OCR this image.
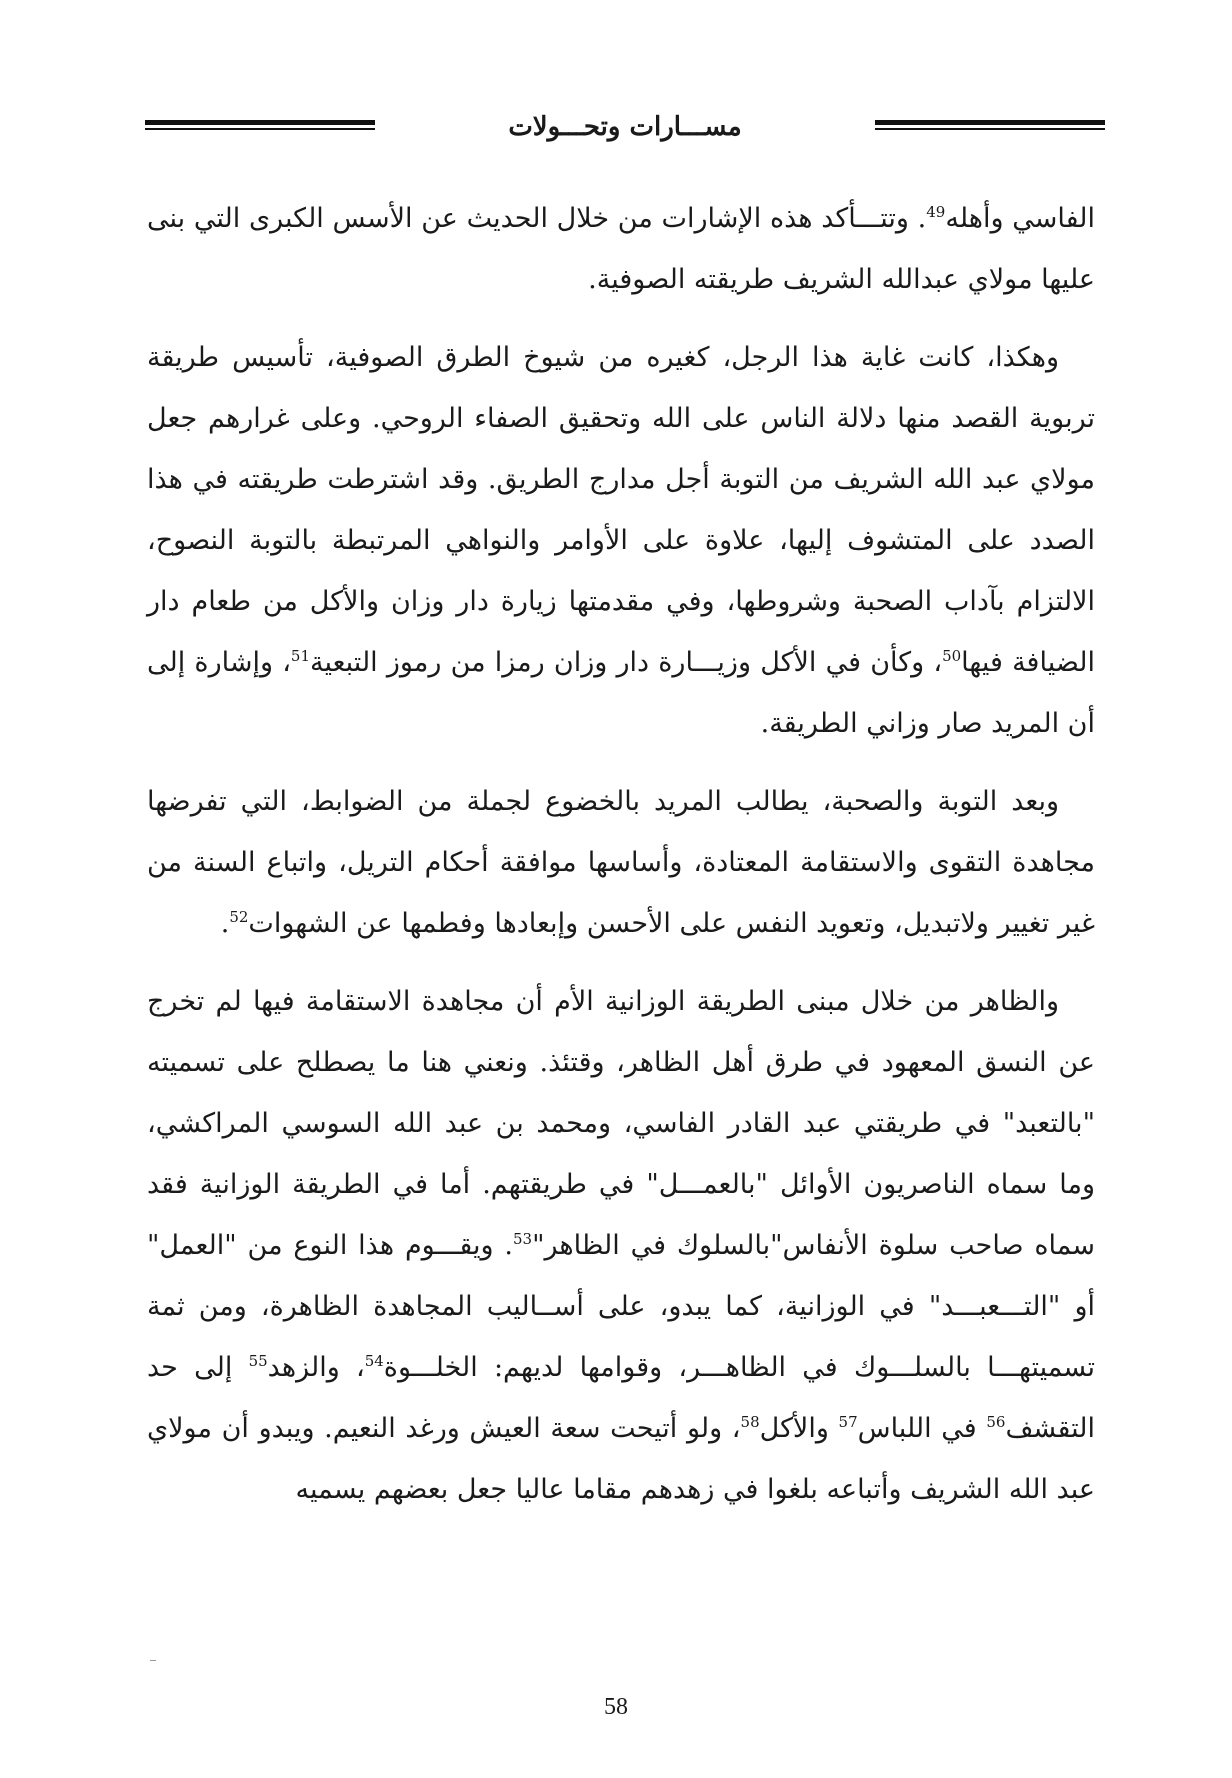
مســـارات وتحـــولات

الفاسي وأهله$^{49}$. وتتـــأكد هذه الإشارات من خلال الحديث عن الأسس الكبرى التي بنى عليها مولاي عبدالله الشريف طريقته الصوفية.

وهكذا، كانت غاية هذا الرجل، كغيره من شيوخ الطرق الصوفية، تأسيس طريقة تربوية القصد منها دلالة الناس على الله وتحقيق الصفاء الروحي. وعلى غرارهم جعل مولاي عبد الله الشريف من التوبة أجل مدارج الطريق. وقد اشترطت طريقته في هذا الصدد على المتشوف إليها، علاوة على الأوامر والنواهي المرتبطة بالتوبة النصوح، الالتزام بآداب الصحبة وشروطها، وفي مقدمتها زيارة دار وزان والأكل من طعام دار الضيافة فيها$^{50}$، وكأن في الأكل وزيـــارة دار وزان رمزا من رموز التبعية$^{51}$، وإشارة إلى أن المريد صار وزاني الطريقة.

وبعد التوبة والصحبة، يطالب المريد بالخضوع لجملة من الضوابط، التي تفرضها مجاهدة التقوى والاستقامة المعتادة، وأساسها موافقة أحكام التريل، واتباع السنة من غير تغيير ولاتبديل، وتعويد النفس على الأحسن وإبعادها وفطمها عن الشهوات$^{52}$.

والظاهر من خلال مبنى الطريقة الوزانية الأم أن مجاهدة الاستقامة فيها لم تخرج عن النسق المعهود في طرق أهل الظاهر، وقتئذ. ونعني هنا ما يصطلح على تسميته "بالتعبد" في طريقتي عبد القادر الفاسي، ومحمد بن عبد الله السوسي المراكشي، وما سماه الناصريون الأوائل "بالعمـــل" في طريقتهم. أما في الطريقة الوزانية فقد سماه صاحب سلوة الأنفاس"بالسلوك في الظاهر"$^{53}$. ويقـــوم هذا النوع من "العمل" أو "التـــعبـــد" في الوزانية، كما يبدو، على أســاليب المجاهدة الظاهرة، ومن ثمة تسميتهـــا بالسلـــوك في الظاهـــر، وقوامها لديهم: الخلـــوة$^{54}$، والزهد$^{55}$ إلى حد التقشف$^{56}$ في اللباس$^{57}$ والأكل$^{58}$، ولو أتيحت سعة العيش ورغد النعيم. ويبدو أن مولاي عبد الله الشريف وأتباعه بلغوا في زهدهم مقاما عاليا جعل بعضهم يسميه

58
